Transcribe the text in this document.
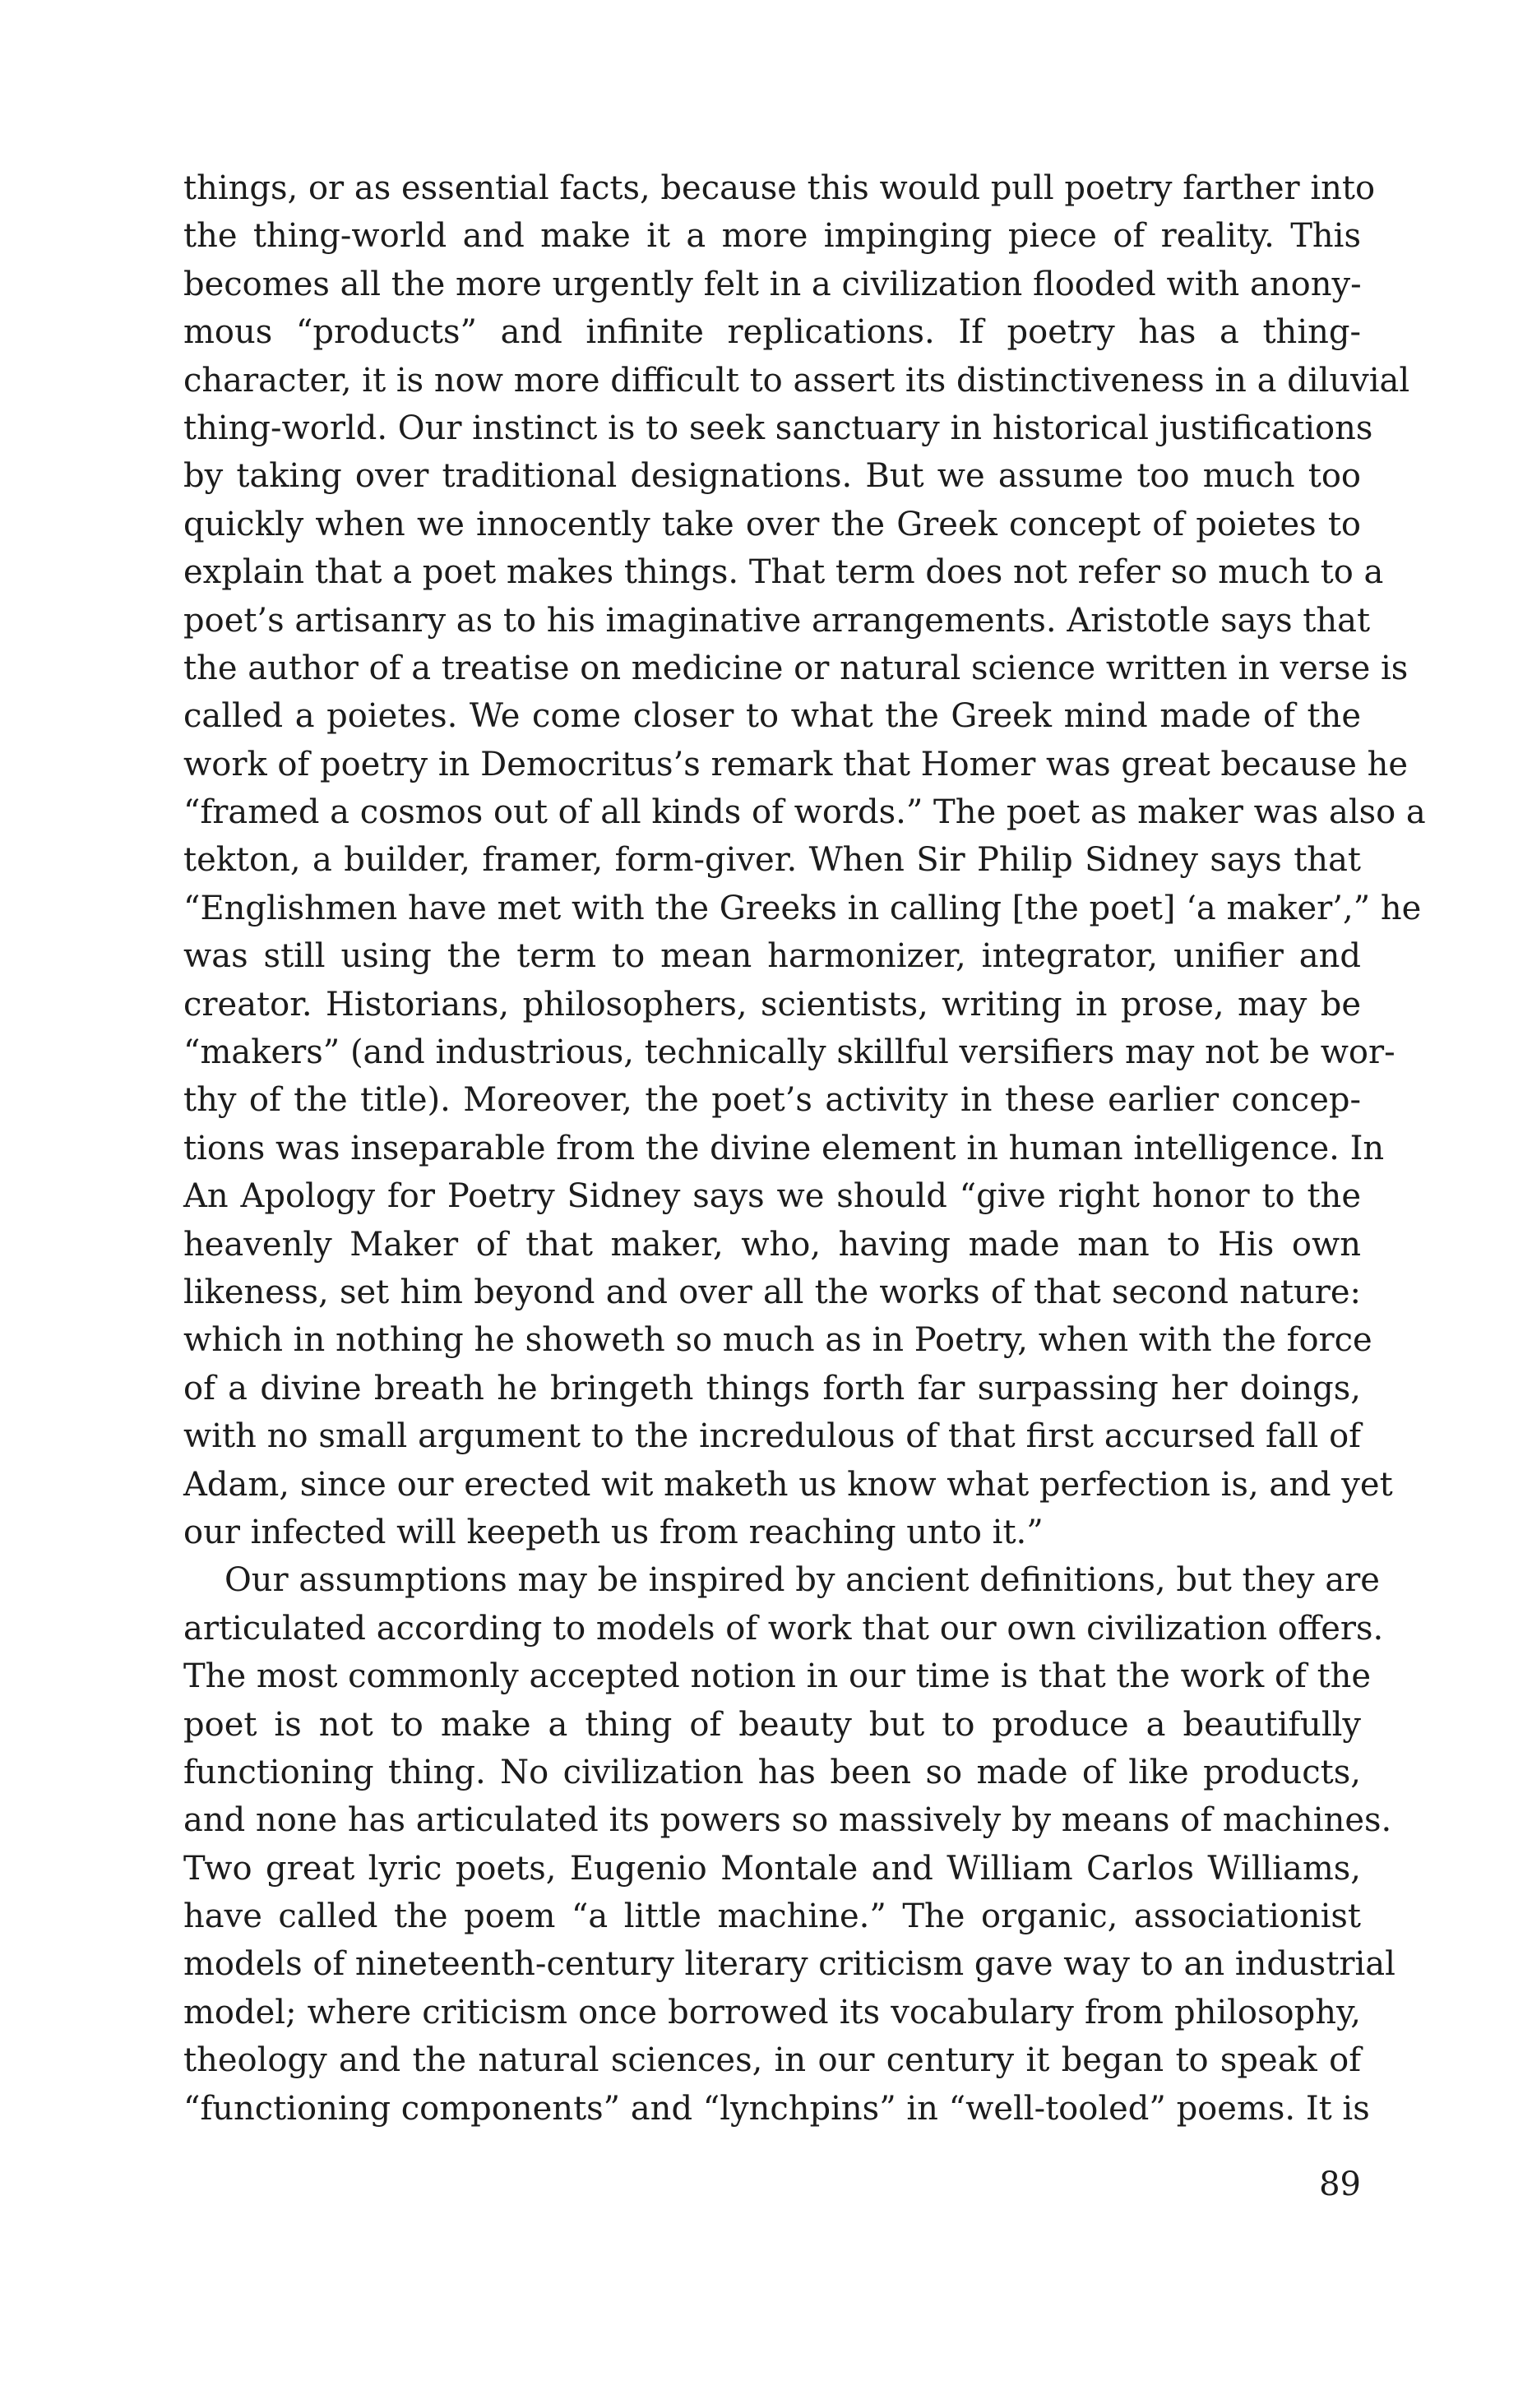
things, or as essential facts, because this would pull poetry farther into
the thing-world and make it a more impinging piece of reality. This
becomes all the more urgently felt in a civilization flooded with anony-
mous “products” and infinite replications. If poetry has a thing-
character, it is now more difficult to assert its distinctiveness in a diluvial
thing-world. Our instinct is to seek sanctuary in historical justifications
by taking over traditional designations. But we assume too much too
quickly when we innocently take over the Greek concept of poietes to
explain that a poet makes things. That term does not refer so much to a
poet’s artisanry as to his imaginative arrangements. Aristotle says that
the author of a treatise on medicine or natural science written in verse is
called a poietes. We come closer to what the Greek mind made of the
work of poetry in Democritus’s remark that Homer was great because he
“framed a cosmos out of all kinds of words.” The poet as maker was also a
tekton, a builder, framer, form-giver. When Sir Philip Sidney says that
“Englishmen have met with the Greeks in calling [the poet] ‘a maker’,” he
was still using the term to mean harmonizer, integrator, unifier and
creator. Historians, philosophers, scientists, writing in prose, may be
“makers” (and industrious, technically skillful versifiers may not be wor-
thy of the title). Moreover, the poet’s activity in these earlier concep-
tions was inseparable from the divine element in human intelligence. In
An Apology for Poetry Sidney says we should “give right honor to the
heavenly Maker of that maker, who, having made man to His own
likeness, set him beyond and over all the works of that second nature:
which in nothing he showeth so much as in Poetry, when with the force
of a divine breath he bringeth things forth far surpassing her doings,
with no small argument to the incredulous of that first accursed fall of
Adam, since our erected wit maketh us know what perfection is, and yet
our infected will keepeth us from reaching unto it.”
Our assumptions may be inspired by ancient definitions, but they are
articulated according to models of work that our own civilization offers.
The most commonly accepted notion in our time is that the work of the
poet is not to make a thing of beauty but to produce a beautifully
functioning thing. No civilization has been so made of like products,
and none has articulated its powers so massively by means of machines.
Two great lyric poets, Eugenio Montale and William Carlos Williams,
have called the poem “a little machine.” The organic, associationist
models of nineteenth-century literary criticism gave way to an industrial
model; where criticism once borrowed its vocabulary from philosophy,
theology and the natural sciences, in our century it began to speak of
“functioning components” and “lynchpins” in “well-tooled” poems. It is
89
